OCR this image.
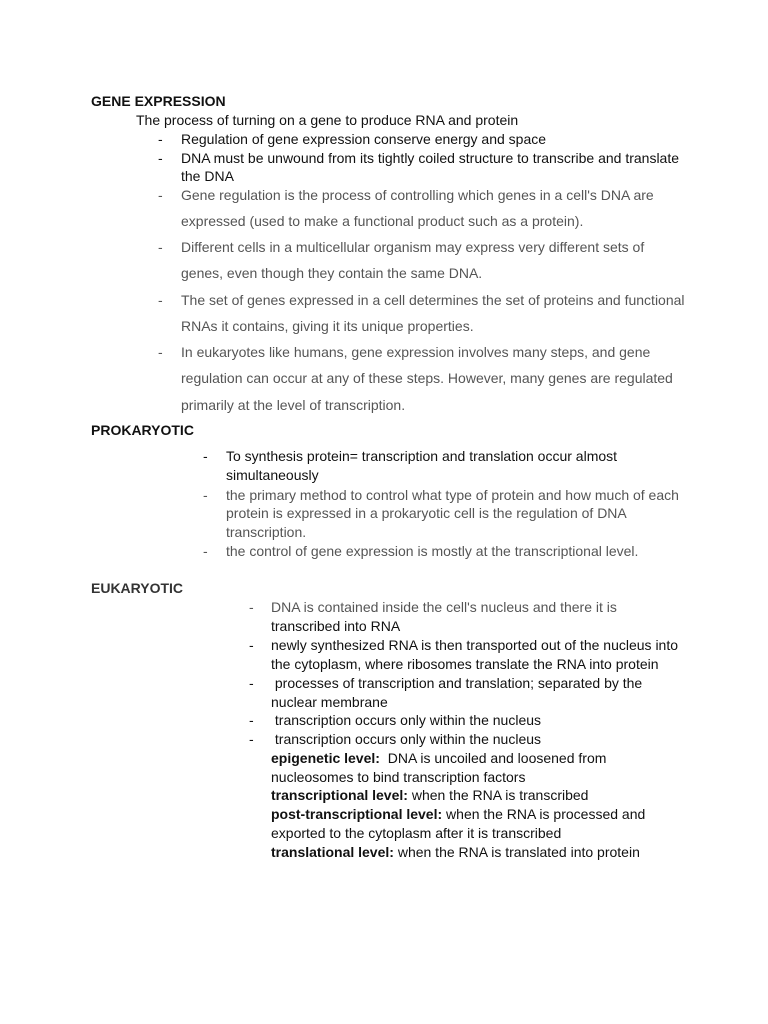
GENE EXPRESSION
The process of turning on a gene to produce RNA and protein
- Regulation of gene expression conserve energy and space
- DNA must be unwound from its tightly coiled structure to transcribe and translate
the DNA
- Gene regulation is the process of controlling which genes in a cell's DNA are
expressed (used to make a functional product such as a protein).
- Different cells in a multicellular organism may express very different sets of
genes, even though they contain the same DNA.
- The set of genes expressed in a cell determines the set of proteins and functional
RNAs it contains, giving it its unique properties.
- In eukaryotes like humans, gene expression involves many steps, and gene
regulation can occur at any of these steps. However, many genes are regulated
primarily at the level of transcription.
PROKARYOTIC
- To synthesis protein= transcription and translation occur almost
simultaneously
- the primary method to control what type of protein and how much of each
protein is expressed in a prokaryotic cell is the regulation of DNA
transcription.
- the control of gene expression is mostly at the transcriptional level.
EUKARYOTIC
- DNA is contained inside the cell's nucleus and there it is
transcribed into RNA
- newly synthesized RNA is then transported out of the nucleus into
the cytoplasm, where ribosomes translate the RNA into protein
- processes of transcription and translation; separated by the
nuclear membrane
- transcription occurs only within the nucleus
- transcription occurs only within the nucleus
epigenetic level:  DNA is uncoiled and loosened from
nucleosomes to bind transcription factors
transcriptional level: when the RNA is transcribed
post-transcriptional level: when the RNA is processed and
exported to the cytoplasm after it is transcribed
translational level: when the RNA is translated into protein
